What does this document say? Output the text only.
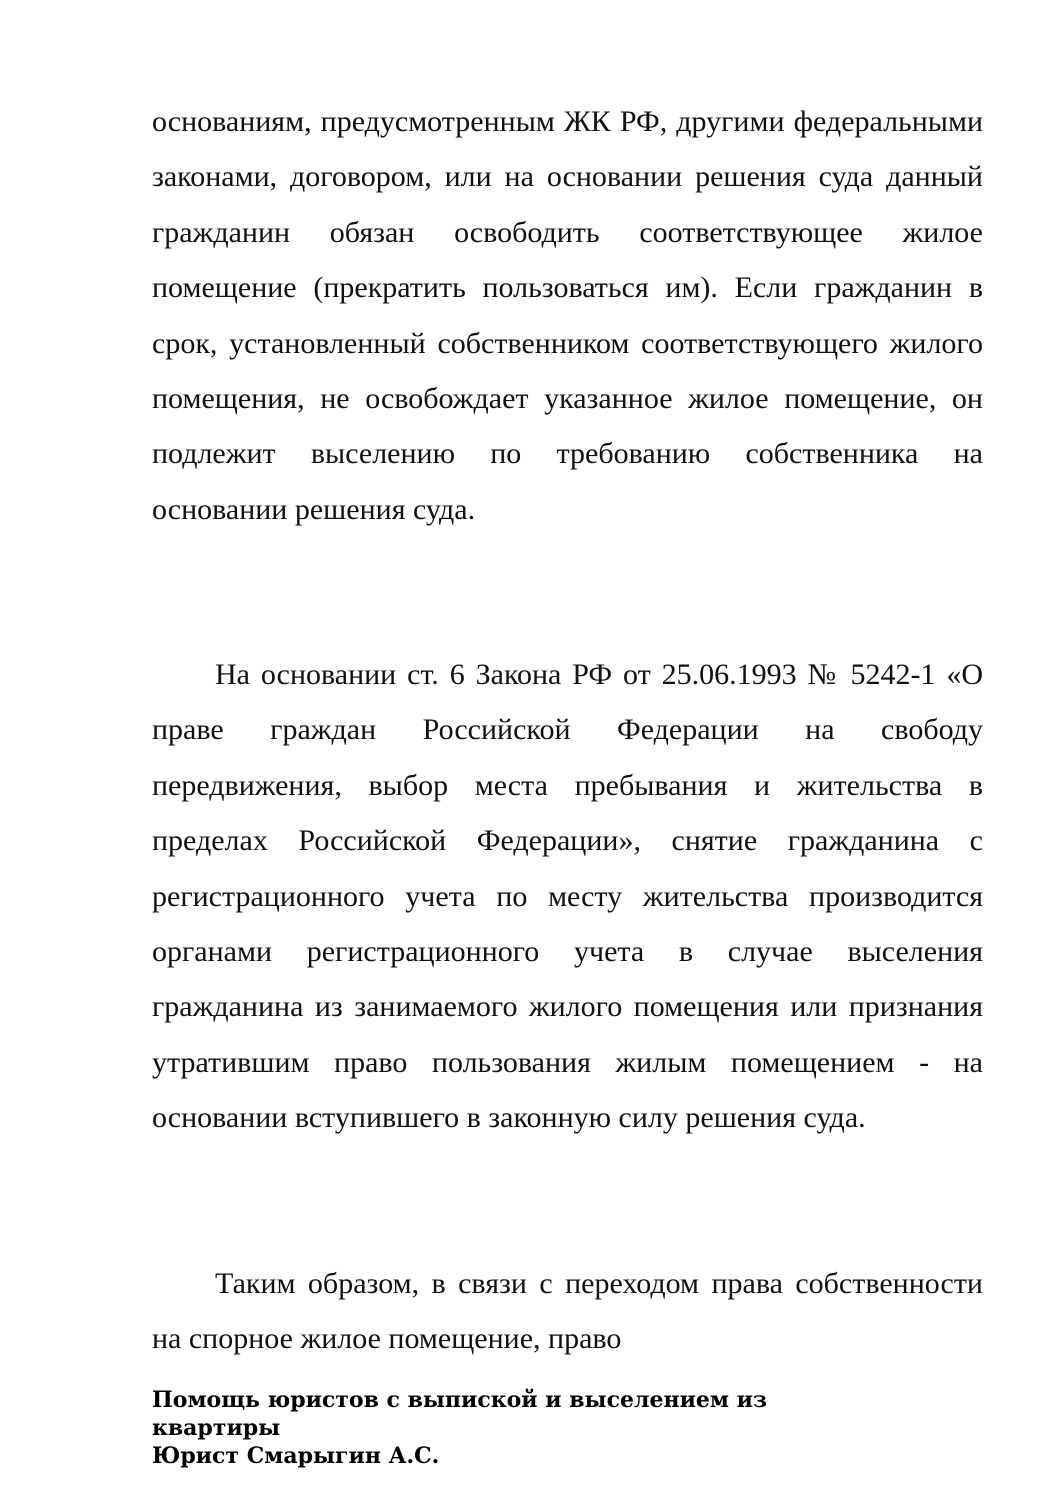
основаниям, предусмотренным ЖК РФ, другими федеральными законами, договором, или на основании решения суда данный гражданин обязан освободить соответствующее жилое помещение (прекратить пользоваться им). Если гражданин в срок, установленный собственником соответствующего жилого помещения, не освобождает указанное жилое помещение, он подлежит выселению по требованию собственника на основании решения суда.

На основании ст. 6 Закона РФ от 25.06.1993 № 5242-1 «О праве граждан Российской Федерации на свободу передвижения, выбор места пребывания и жительства в пределах Российской Федерации», снятие гражданина с регистрационного учета по месту жительства производится органами регистрационного учета в случае выселения гражданина из занимаемого жилого помещения или признания утратившим право пользования жилым помещением - на основании вступившего в законную силу решения суда.

Таким образом, в связи с переходом права собственности на спорное жилое помещение, право

Помощь юристов с выпиской и выселением из
квартиры
Юрист Смарыгин А.С.
